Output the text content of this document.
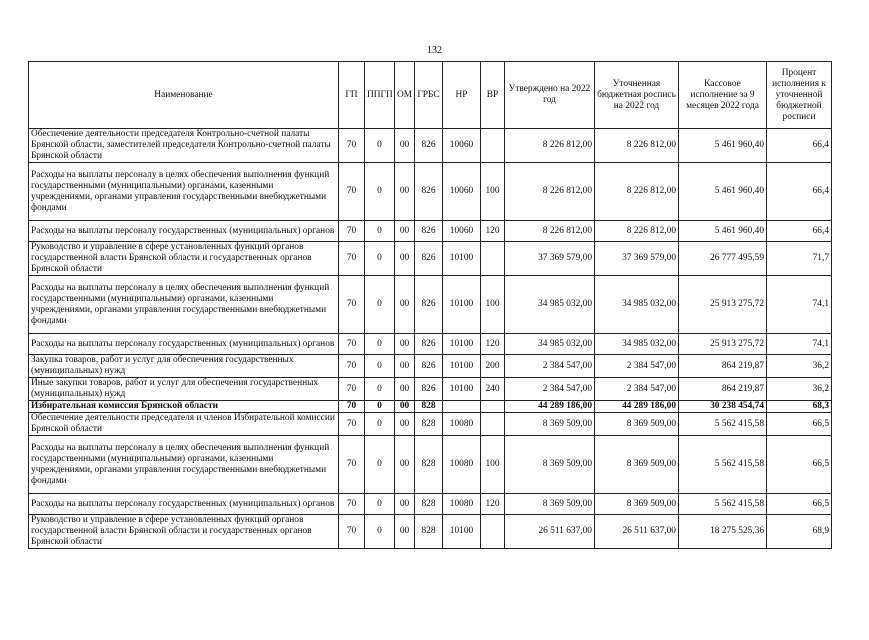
132
Наименование	ГП	ППГП	ОМ	ГРБС	НР	ВР	Утверждено на 2022 год	Уточненная бюджетная роспись на 2022 год	Кассовое исполнение за 9 месяцев 2022 года	Процент исполнения к уточненной бюджетной росписи
Обеспечение деятельности председателя Контрольно-счетной палаты Брянской области, заместителей председателя Контрольно-счетной палаты Брянской области	70	0	00	826	10060		8 226 812,00	8 226 812,00	5 461 960,40	66,4
Расходы на выплаты персоналу в целях обеспечения выполнения функций государственными (муниципальными) органами, казенными учреждениями, органами управления государственными внебюджетными фондами	70	0	00	826	10060	100	8 226 812,00	8 226 812,00	5 461 960,40	66,4
Расходы на выплаты персоналу государственных (муниципальных) органов	70	0	00	826	10060	120	8 226 812,00	8 226 812,00	5 461 960,40	66,4
Руководство и управление в сфере установленных функций органов государственной власти Брянской области и государственных органов Брянской области	70	0	00	826	10100		37 369 579,00	37 369 579,00	26 777 495,59	71,7
Расходы на выплаты персоналу в целях обеспечения выполнения функций государственными (муниципальными) органами, казенными учреждениями, органами управления государственными внебюджетными фондами	70	0	00	826	10100	100	34 985 032,00	34 985 032,00	25 913 275,72	74,1
Расходы на выплаты персоналу государственных (муниципальных) органов	70	0	00	826	10100	120	34 985 032,00	34 985 032,00	25 913 275,72	74,1
Закупка товаров, работ и услуг для обеспечения государственных (муниципальных) нужд	70	0	00	826	10100	200	2 384 547,00	2 384 547,00	864 219,87	36,2
Иные закупки товаров, работ и услуг для обеспечения государственных (муниципальных) нужд	70	0	00	826	10100	240	2 384 547,00	2 384 547,00	864 219,87	36,2
Избирательная комиссия Брянской области	70	0	00	828			44 289 186,00	44 289 186,00	30 238 454,74	68,3
Обеспечение деятельности председателя и членов Избирательной комиссии Брянской области	70	0	00	828	10080		8 369 509,00	8 369 509,00	5 562 415,58	66,5
Расходы на выплаты персоналу в целях обеспечения выполнения функций государственными (муниципальными) органами, казенными учреждениями, органами управления государственными внебюджетными фондами	70	0	00	828	10080	100	8 369 509,00	8 369 509,00	5 562 415,58	66,5
Расходы на выплаты персоналу государственных (муниципальных) органов	70	0	00	828	10080	120	8 369 509,00	8 369 509,00	5 562 415,58	66,5
Руководство и управление в сфере установленных функций органов государственной власти Брянской области и государственных органов Брянской области	70	0	00	828	10100		26 511 637,00	26 511 637,00	18 275 525,36	68,9
